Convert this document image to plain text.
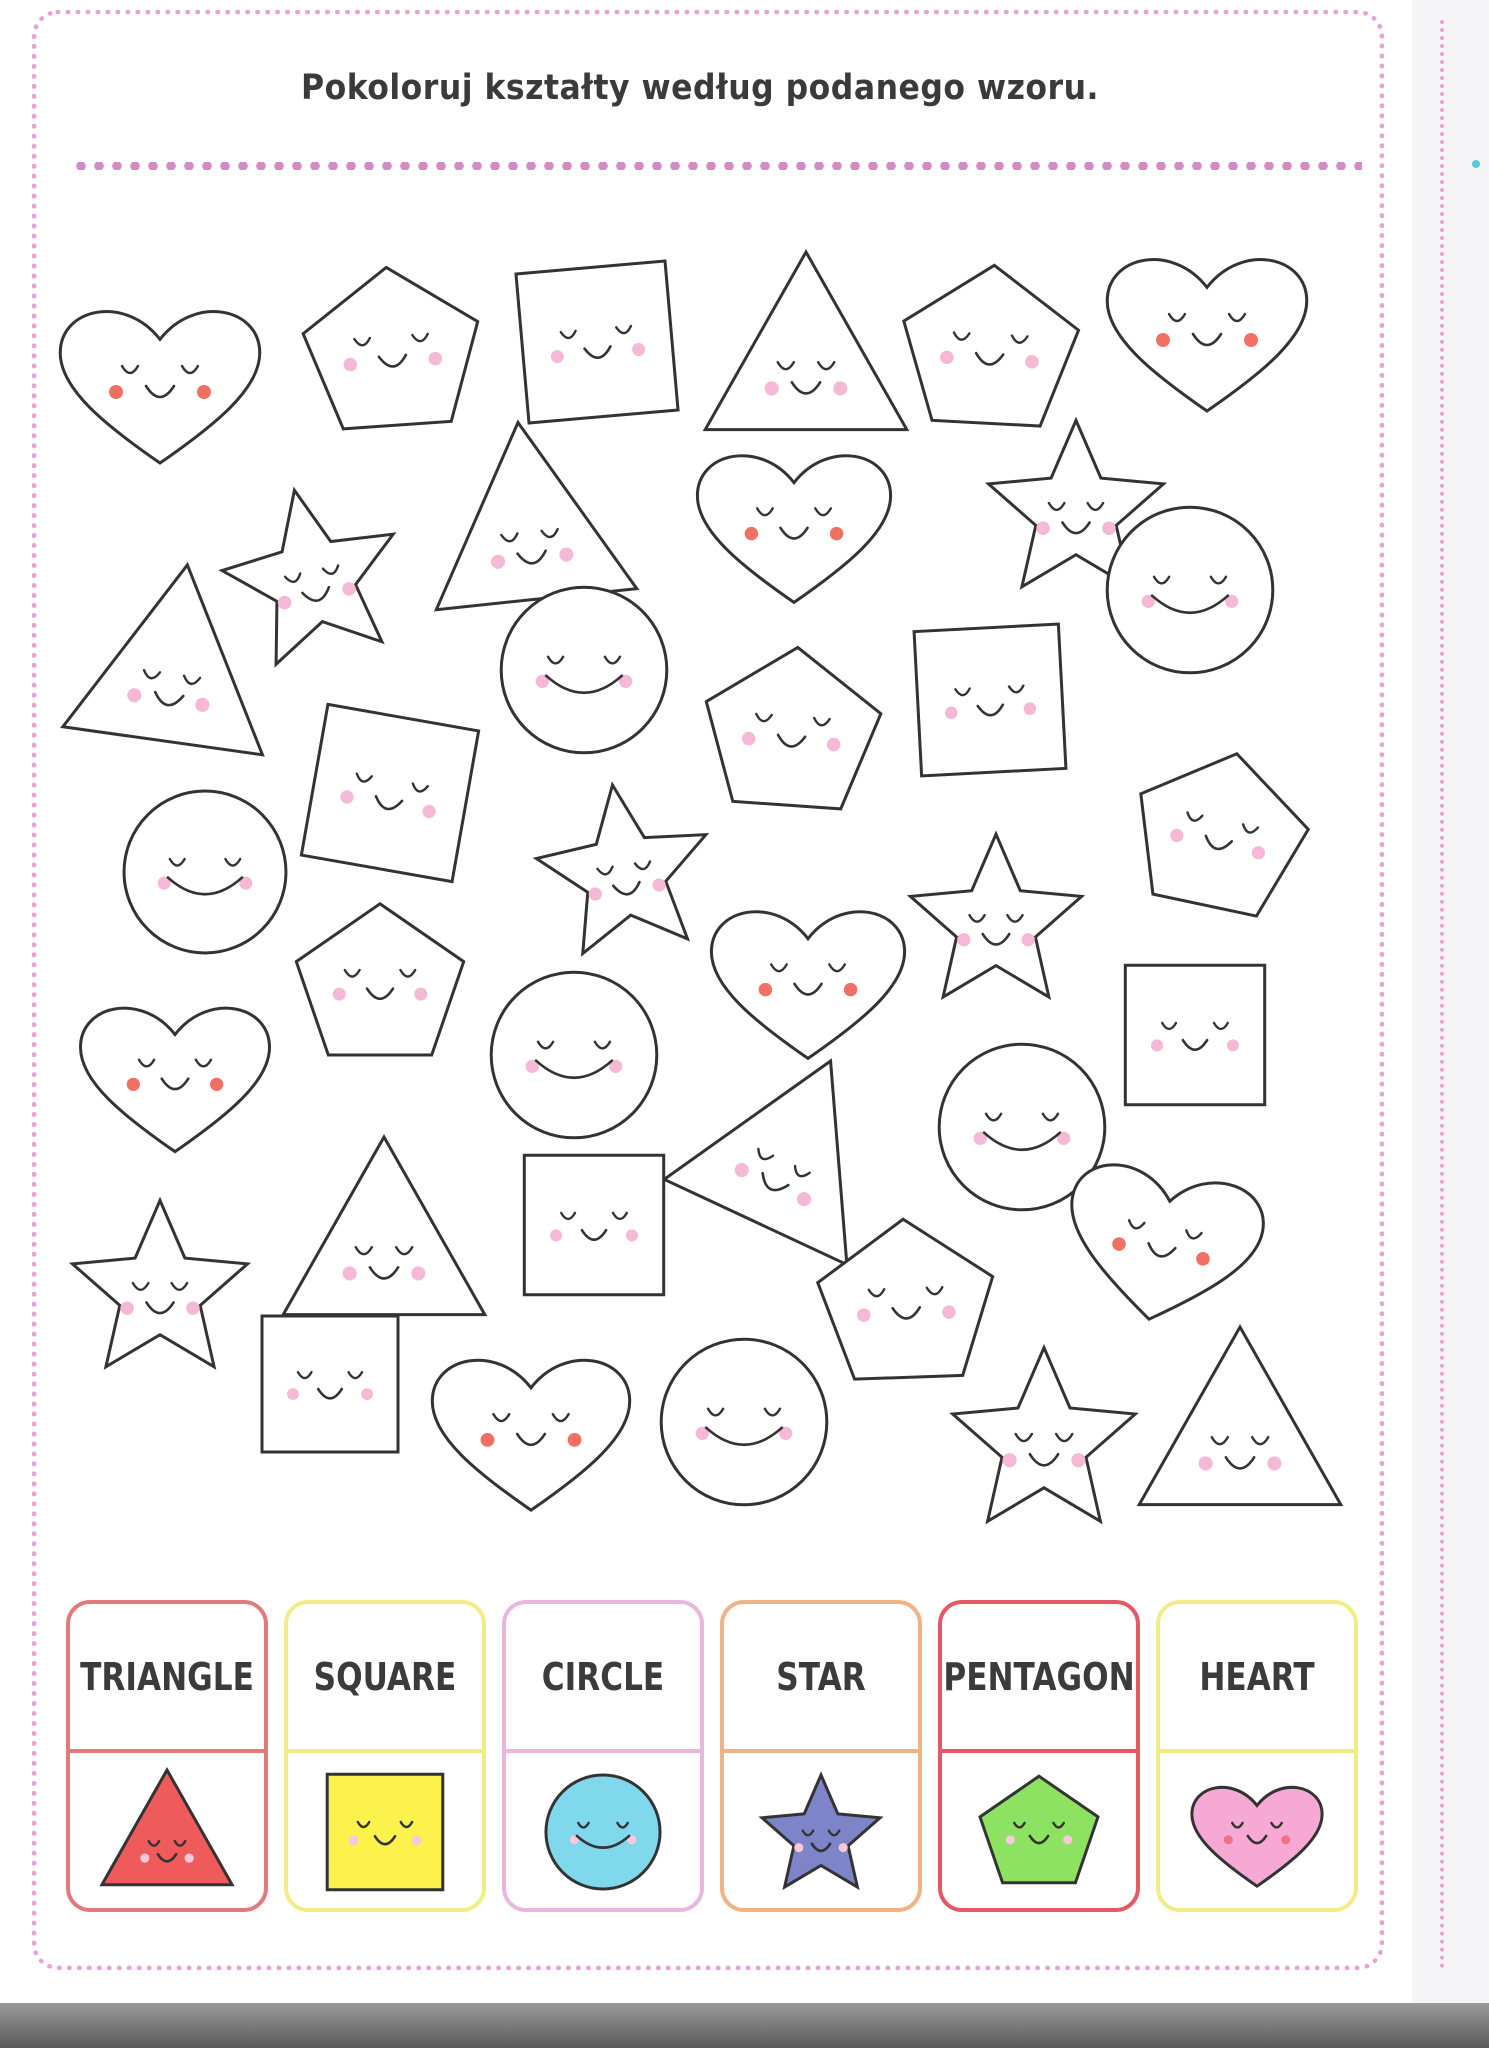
Pokoloruj kształty według podanego wzoru.
TRIANGLE SQUARE	CIRCLE	STAR	PENTAGON	HEART
